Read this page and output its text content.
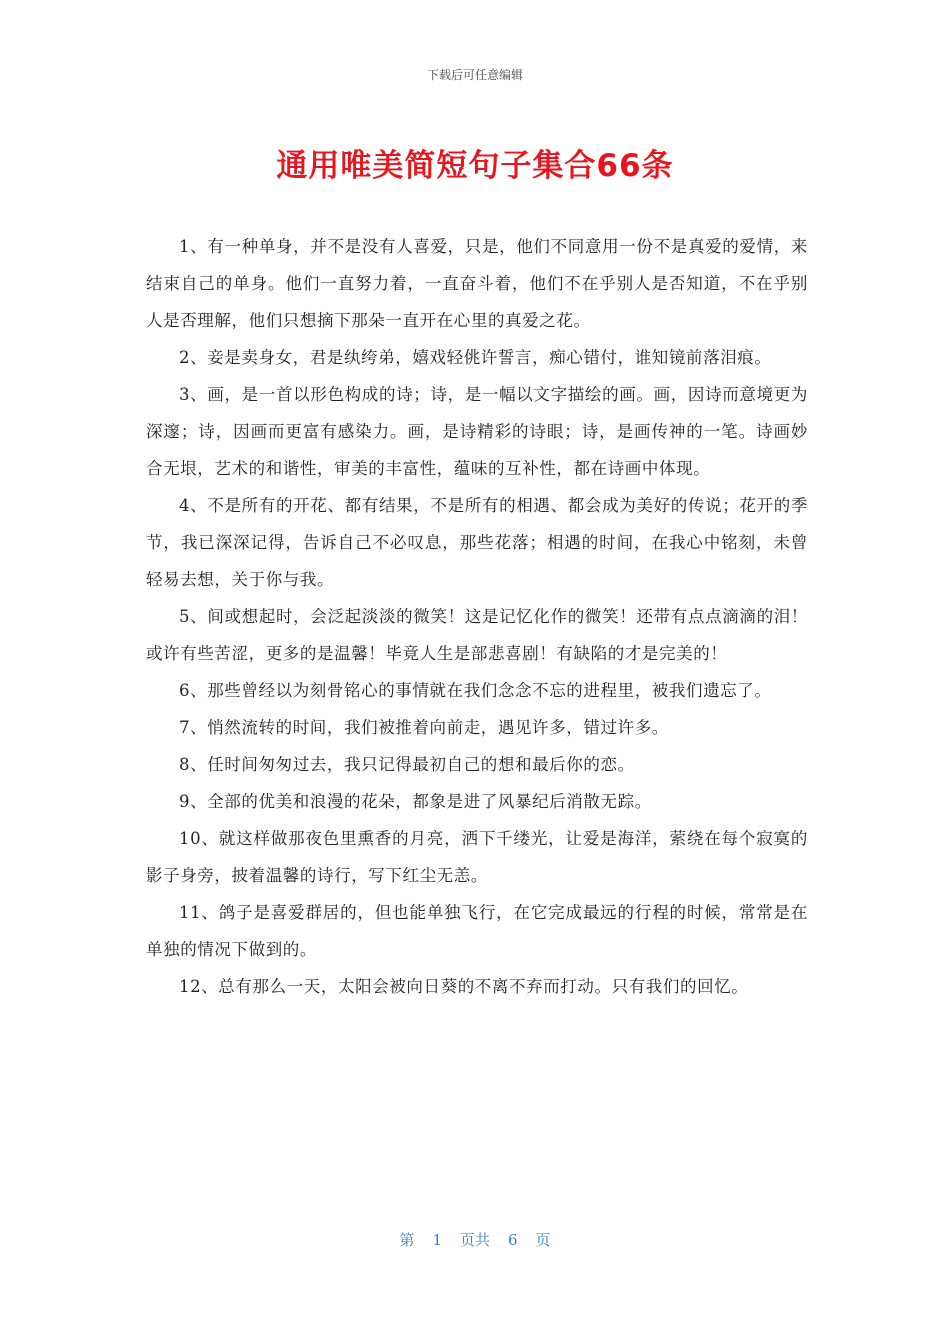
下载后可任意编辑
通用唯美简短句子集合66条

1、有一种单身，并不是没有人喜爱，只是，他们不同意用一份不是真爱的爱情，来结束自己的单身。他们一直努力着，一直奋斗着，他们不在乎别人是否知道，不在乎别人是否理解，他们只想摘下那朵一直开在心里的真爱之花。

2、妾是卖身女，君是纨绔弟，嬉戏轻佻许誓言，痴心错付，谁知镜前落泪痕。

3、画，是一首以形色构成的诗；诗，是一幅以文字描绘的画。画，因诗而意境更为深邃；诗，因画而更富有感染力。画，是诗精彩的诗眼；诗，是画传神的一笔。诗画妙合无垠，艺术的和谐性，审美的丰富性，蕴味的互补性，都在诗画中体现。

4、不是所有的开花、都有结果，不是所有的相遇、都会成为美好的传说；花开的季节，我已深深记得，告诉自己不必叹息，那些花落；相遇的时间，在我心中铭刻，未曾轻易去想，关于你与我。

5、间或想起时，会泛起淡淡的微笑！这是记忆化作的微笑！还带有点点滴滴的泪！或许有些苦涩，更多的是温馨！毕竟人生是部悲喜剧！有缺陷的才是完美的！

6、那些曾经以为刻骨铭心的事情就在我们念念不忘的进程里，被我们遗忘了。

7、悄然流转的时间，我们被推着向前走，遇见许多，错过许多。

8、任时间匆匆过去，我只记得最初自己的想和最后你的恋。

9、全部的优美和浪漫的花朵，都象是进了风暴纪后消散无踪。

10、就这样做那夜色里熏香的月亮，洒下千缕光，让爱是海洋，萦绕在每个寂寞的影子身旁，披着温馨的诗行，写下红尘无恙。

11、鸽子是喜爱群居的，但也能单独飞行，在它完成最远的行程的时候，常常是在单独的情况下做到的。

12、总有那么一天，太阳会被向日葵的不离不弃而打动。只有我们的回忆。

第 1 页共 6 页
